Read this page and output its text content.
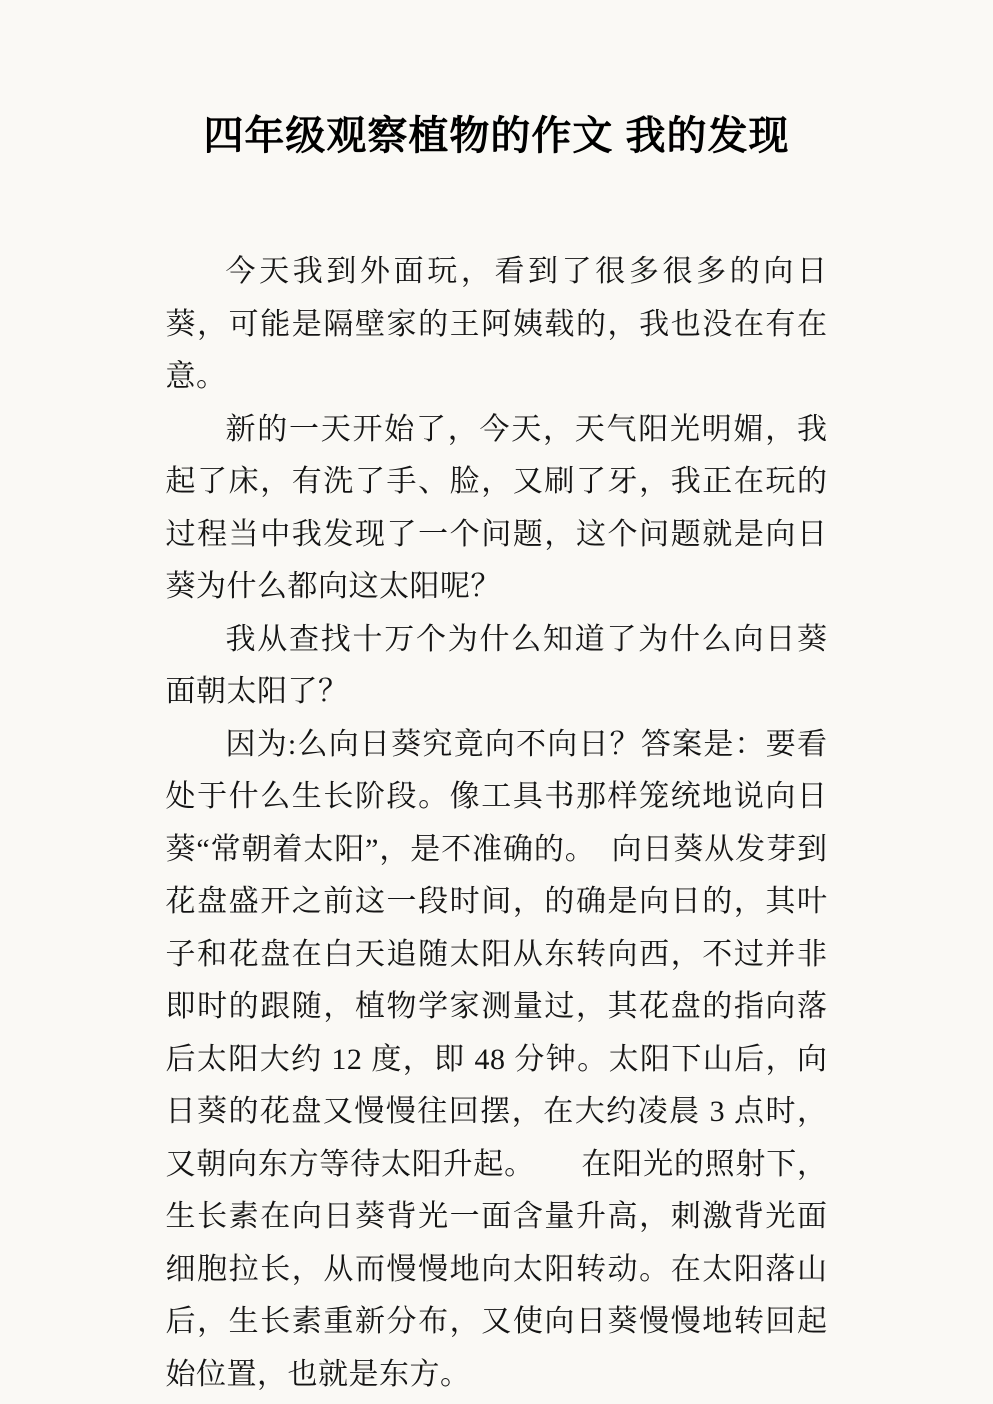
四年级观察植物的作文 我的发现

今天我到外面玩，看到了很多很多的向日葵，可能是隔壁家的王阿姨载的，我也没在有在意。

新的一天开始了，今天，天气阳光明媚，我起了床，有洗了手、脸，又刷了牙，我正在玩的过程当中我发现了一个问题，这个问题就是向日葵为什么都向这太阳呢？

我从查找十万个为什么知道了为什么向日葵面朝太阳了？

因为:么向日葵究竟向不向日？答案是：要看处于什么生长阶段。像工具书那样笼统地说向日葵“常朝着太阳”，是不准确的。　向日葵从发芽到花盘盛开之前这一段时间，的确是向日的，其叶子和花盘在白天追随太阳从东转向西，不过并非即时的跟随，植物学家测量过，其花盘的指向落后太阳大约 12 度，即 48 分钟。太阳下山后，向日葵的花盘又慢慢往回摆，在大约凌晨 3 点时，又朝向东方等待太阳升起。　　在阳光的照射下，生长素在向日葵背光一面含量升高，刺激背光面细胞拉长，从而慢慢地向太阳转动。在太阳落山后，生长素重新分布，又使向日葵慢慢地转回起始位置，也就是东方。
